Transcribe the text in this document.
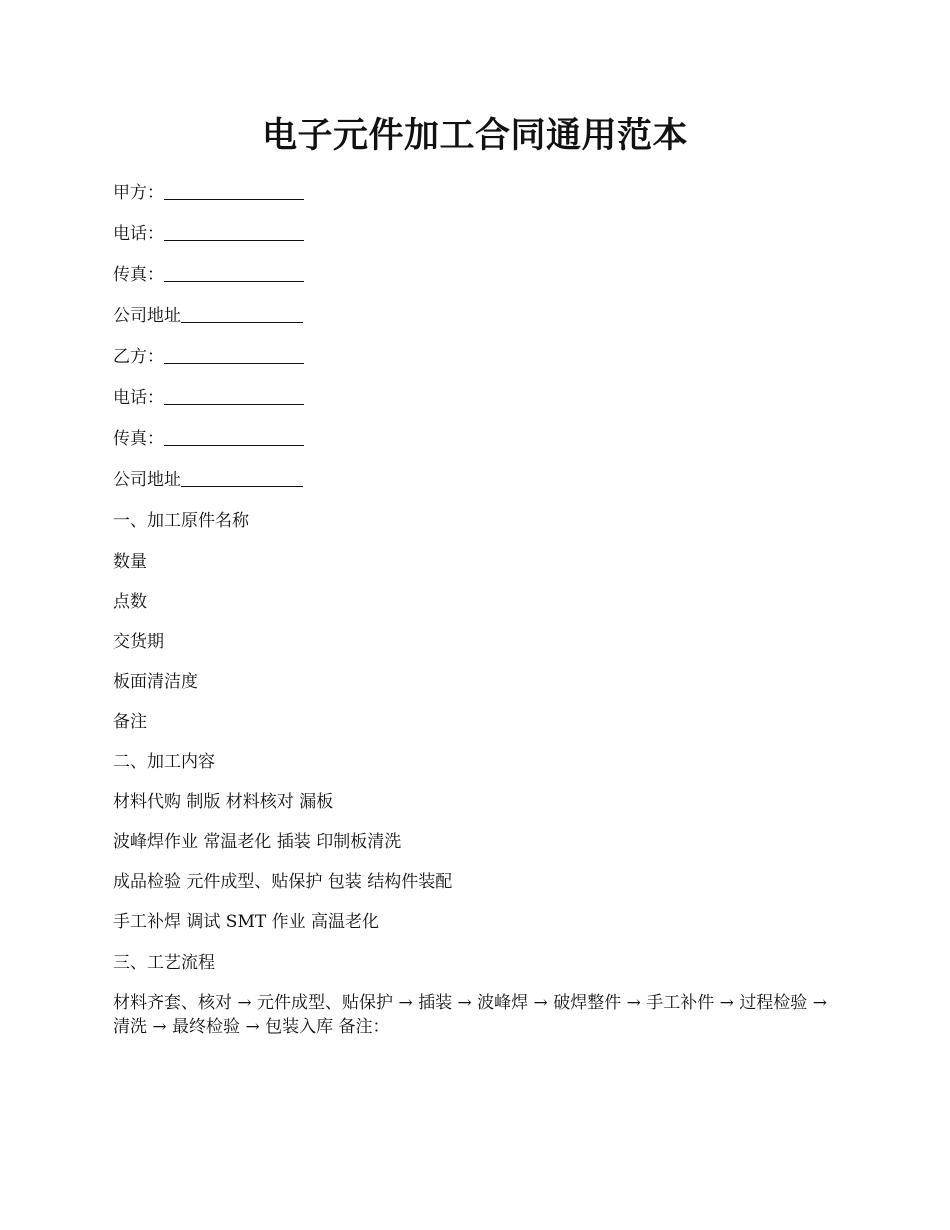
电子元件加工合同通用范本
甲方：
电话：
传真：
公司地址
乙方：
电话：
传真：
公司地址
一、加工原件名称
数量
点数
交货期
板面清洁度
备注
二、加工内容
材料代购 制版 材料核对 漏板
波峰焊作业 常温老化 插装 印制板清洗
成品检验 元件成型、贴保护 包装 结构件装配
手工补焊 调试 SMT 作业 高温老化
三、工艺流程
材料齐套、核对 → 元件成型、贴保护 → 插装 → 波峰焊 → 破焊整件 → 手工补件 → 过程检验 → 清洗 → 最终检验 → 包装入库 备注：
